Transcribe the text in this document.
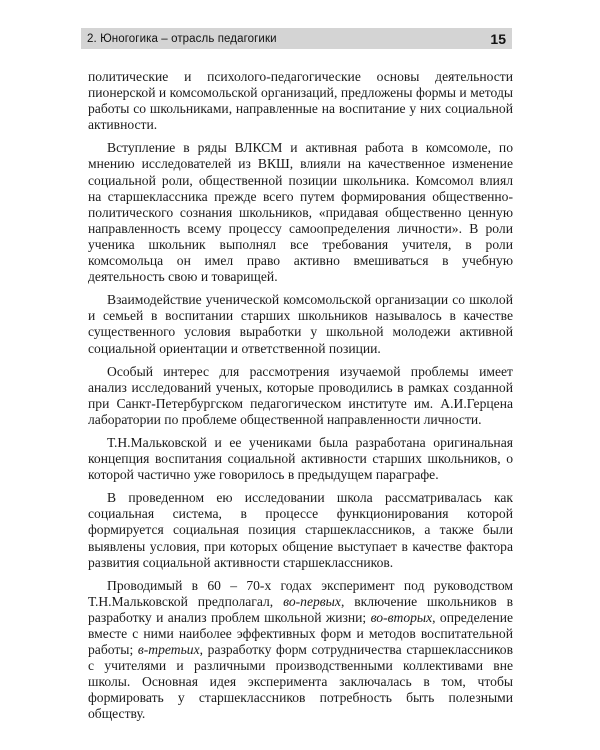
2. Юногогика – отрасль педагогики	15

политические и психолого-педагогические основы деятельности пионерской и комсомольской организаций, предложены формы и методы работы со школьниками, направленные на воспитание у них социальной активности.

Вступление в ряды ВЛКСМ и активная работа в комсомоле, по мнению исследователей из ВКШ, влияли на качественное изменение социальной роли, общественной позиции школьника. Комсомол влиял на старшеклассника прежде всего путем формирования общественно-политического сознания школьников, «придавая общественно ценную направленность всему процессу самоопределения личности». В роли ученика школьник выполнял все требования учителя, в роли комсомольца он имел право активно вмешиваться в учебную деятельность свою и товарищей.

Взаимодействие ученической комсомольской организации со школой и семьей в воспитании старших школьников называлось в качестве существенного условия выработки у школьной молодежи активной социальной ориентации и ответственной позиции.

Особый интерес для рассмотрения изучаемой проблемы имеет анализ исследований ученых, которые проводились в рамках созданной при Санкт-Петербургском педагогическом институте им. А.И.Герцена лаборатории по проблеме общественной направленности личности.

Т.Н.Мальковской и ее учениками была разработана оригинальная концепция воспитания социальной активности старших школьников, о которой частично уже говорилось в предыдущем параграфе.

В проведенном ею исследовании школа рассматривалась как социальная система, в процессе функционирования которой формируется социальная позиция старшеклассников, а также были выявлены условия, при которых общение выступает в качестве фактора развития социальной активности старшеклассников.

Проводимый в 60 – 70-х годах эксперимент под руководством Т.Н.Мальковской предполагал, во-первых, включение школьников в разработку и анализ проблем школьной жизни; во-вторых, определение вместе с ними наиболее эффективных форм и методов воспитательной работы; в-третьих, разработку форм сотрудничества старшеклассников с учителями и различными производственными коллективами вне школы. Основная идея эксперимента заключалась в том, чтобы формировать у старшеклассников потребность быть полезными обществу.
